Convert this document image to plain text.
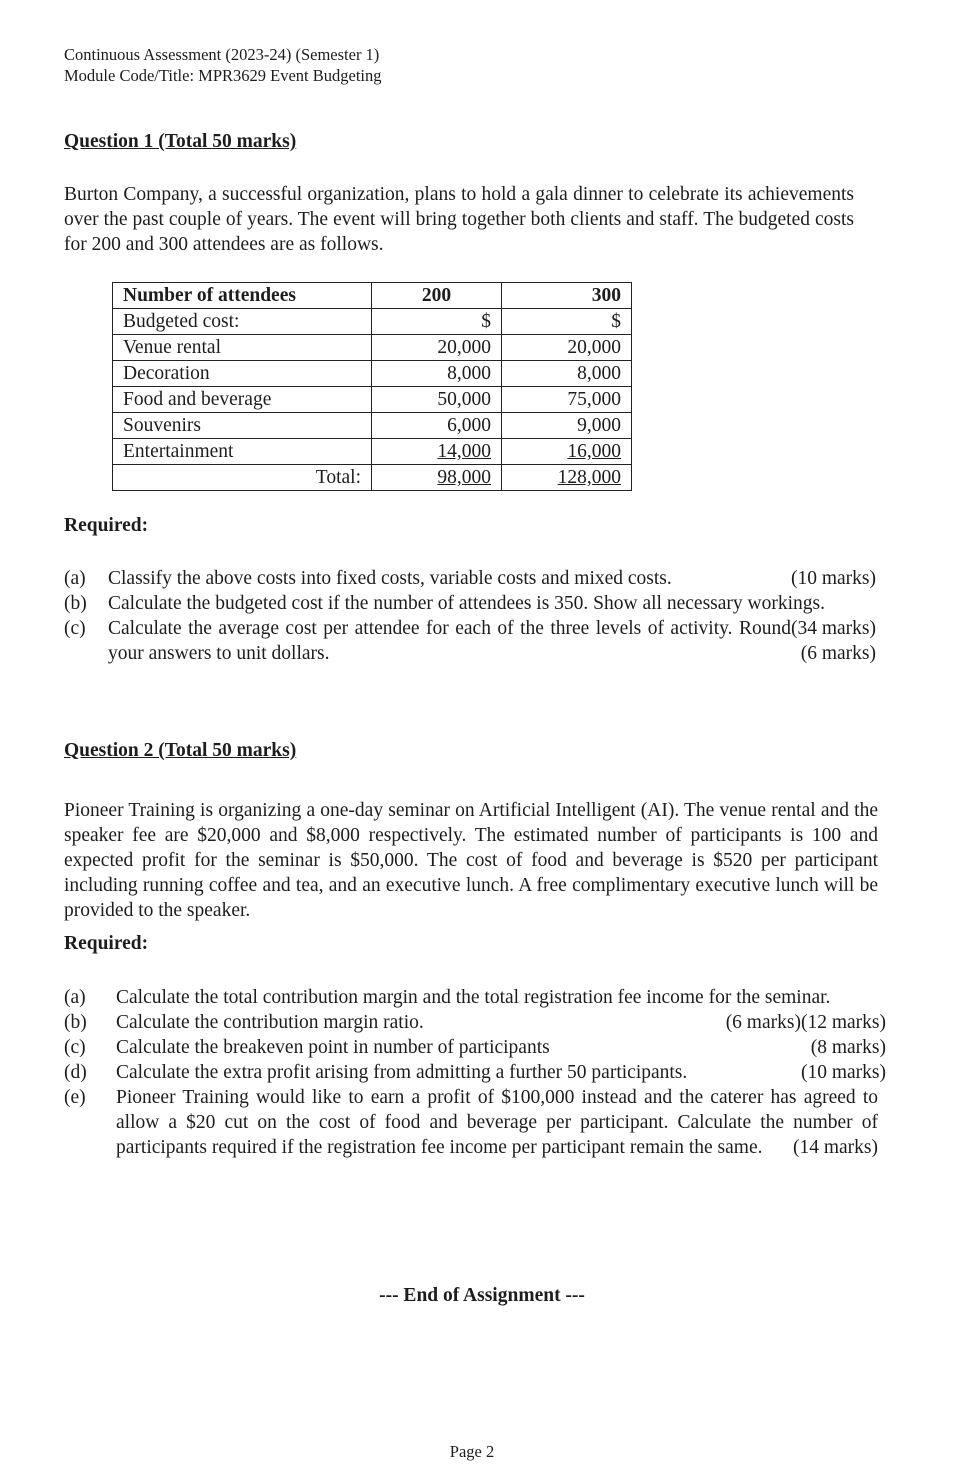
Continuous Assessment (2023-24) (Semester 1)
Module Code/Title: MPR3629 Event Budgeting
Question 1 (Total 50 marks)
Burton Company, a successful organization, plans to hold a gala dinner to celebrate its achievements over the past couple of years. The event will bring together both clients and staff. The budgeted costs for 200 and 300 attendees are as follows.
Number of attendees	200	300
Budgeted cost:	$	$
Venue rental	20,000	20,000
Decoration	8,000	8,000
Food and beverage	50,000	75,000
Souvenirs	6,000	9,000
Entertainment	14,000	16,000
Total:	98,000	128,000
Required:
(a) Classify the above costs into fixed costs, variable costs and mixed costs.	(10 marks)
(b) Calculate the budgeted cost if the number of attendees is 350. Show all necessary workings.
(34 marks)
(c) Calculate the average cost per attendee for each of the three levels of activity. Round your answers to unit dollars.	(6 marks)
Question 2 (Total 50 marks)
Pioneer Training is organizing a one-day seminar on Artificial Intelligent (AI). The venue rental and the speaker fee are $20,000 and $8,000 respectively. The estimated number of participants is 100 and expected profit for the seminar is $50,000. The cost of food and beverage is $520 per participant including running coffee and tea, and an executive lunch. A free complimentary executive lunch will be provided to the speaker.
Required:
(a) Calculate the total contribution margin and the total registration fee income for the seminar.
(12 marks)
(b) Calculate the contribution margin ratio.	(6 marks)
(c) Calculate the breakeven point in number of participants	(8 marks)
(d) Calculate the extra profit arising from admitting a further 50 participants.	(10 marks)
(e) Pioneer Training would like to earn a profit of $100,000 instead and the caterer has agreed to allow a $20 cut on the cost of food and beverage per participant. Calculate the number of participants required if the registration fee income per participant remain the same. (14 marks)
--- End of Assignment ---
Page 2
